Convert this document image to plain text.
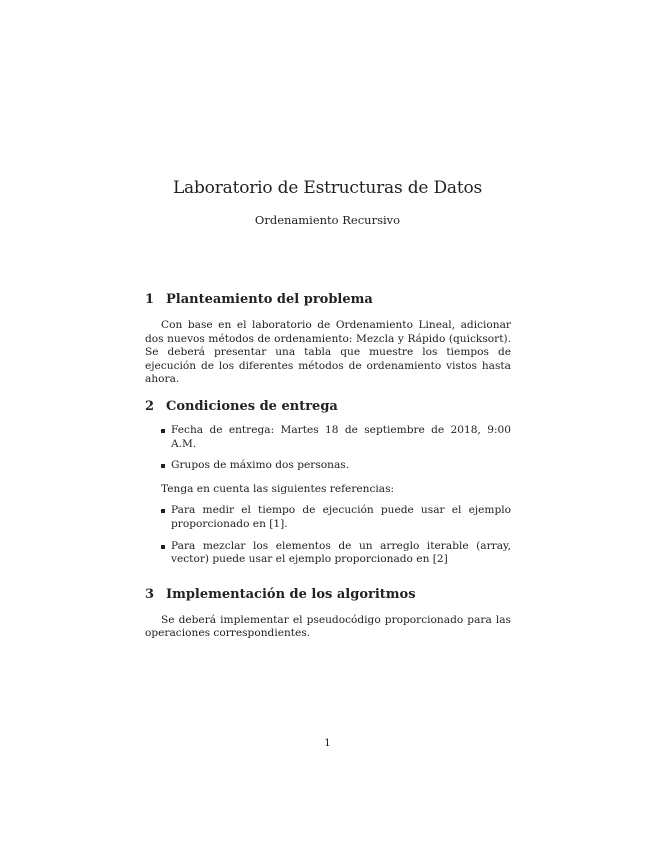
Laboratorio de Estructuras de Datos
Ordenamiento Recursivo
1 Planteamiento del problema

Con base en el laboratorio de Ordenamiento Lineal, adicionar dos nuevos métodos de ordenamiento: Mezcla y Rápido (quicksort). Se deberá presentar una tabla que muestre los tiempos de ejecución de los diferentes métodos de ordenamiento vistos hasta ahora.

2 Condiciones de entrega
Fecha de entrega: Martes 18 de septiembre de 2018, 9:00 A.M.
Grupos de máximo dos personas.

Tenga en cuenta las siguientes referencias:

Para medir el tiempo de ejecución puede usar el ejemplo proporcionado en [1].
Para mezclar los elementos de un arreglo iterable (array, vector) puede usar el ejemplo proporcionado en [2]
3 Implementación de los algoritmos

Se deberá implementar el pseudocódigo proporcionado para las operaciones correspondientes.

1
